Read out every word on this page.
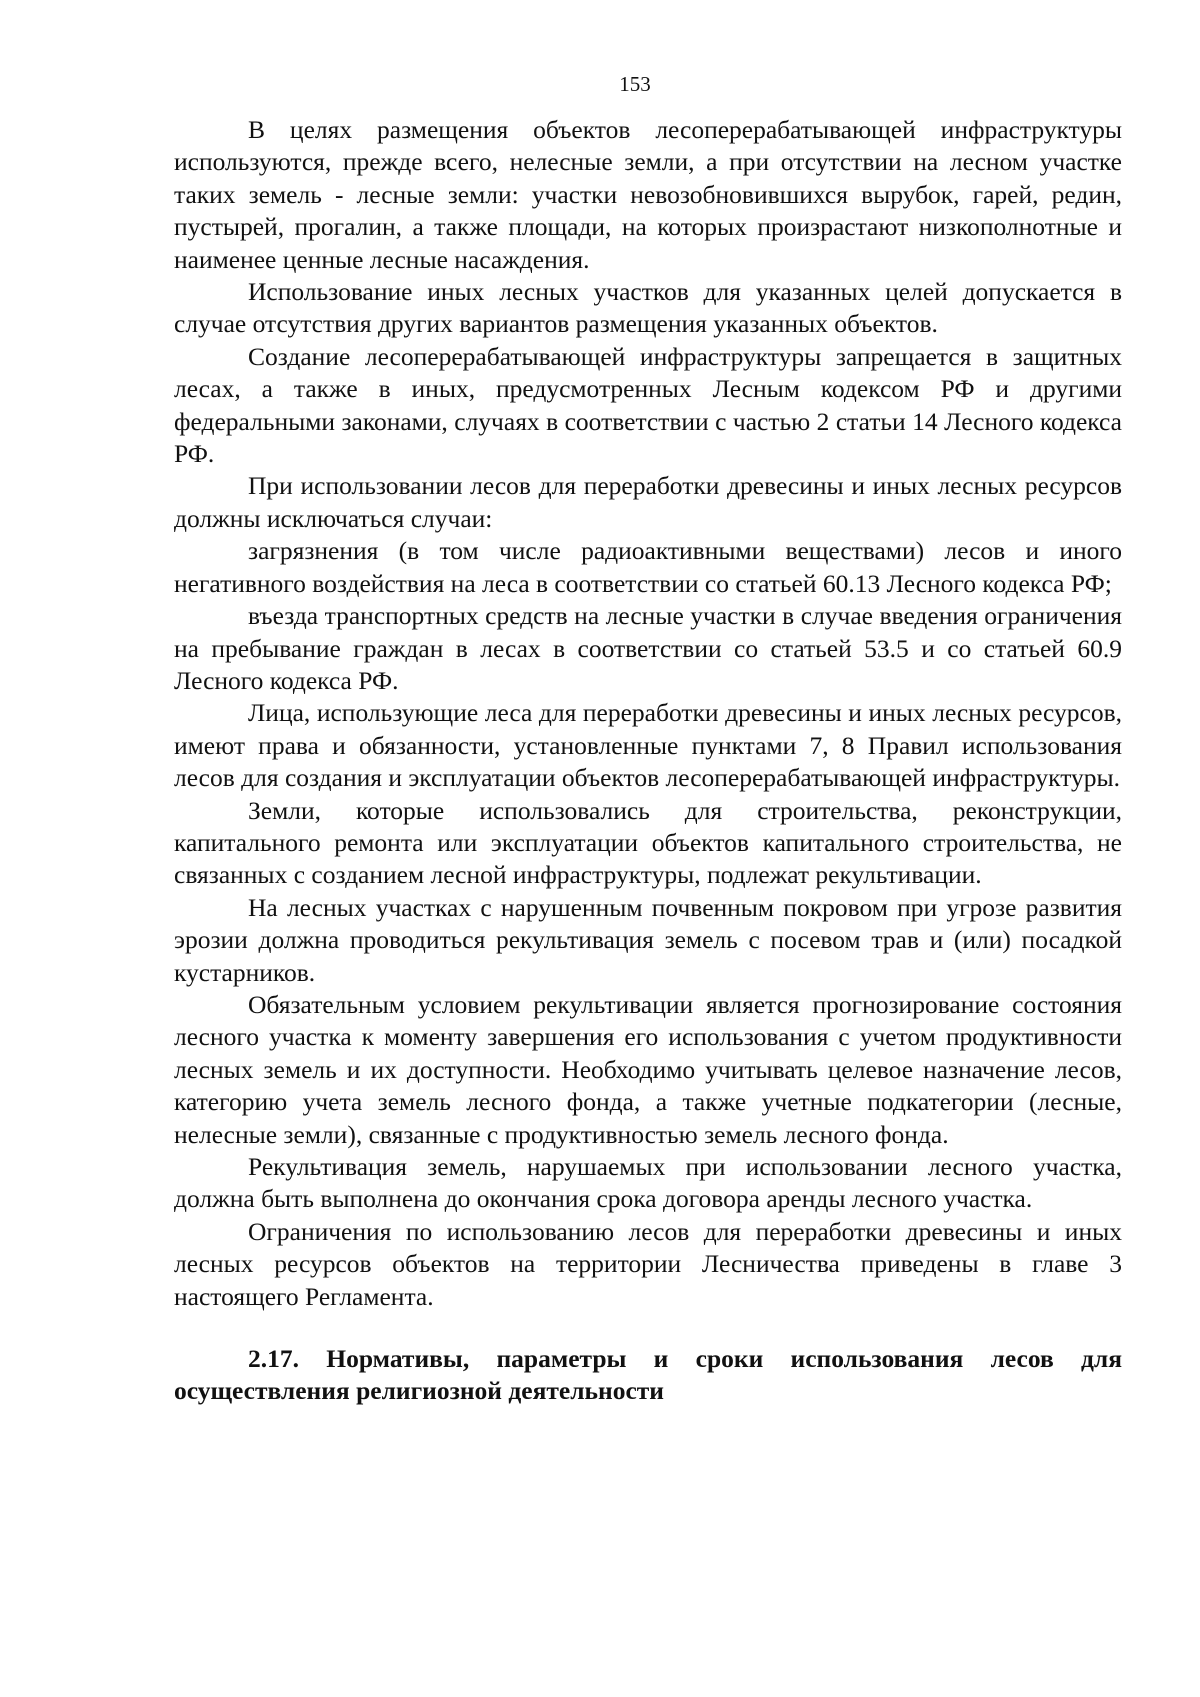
153

В целях размещения объектов лесоперерабатывающей инфраструктуры используются, прежде всего, нелесные земли, а при отсутствии на лесном участке таких земель - лесные земли: участки невозобновившихся вырубок, гарей, редин, пустырей, прогалин, а также площади, на которых произрастают низкополнотные и наименее ценные лесные насаждения.

Использование иных лесных участков для указанных целей допускается в случае отсутствия других вариантов размещения указанных объектов.

Создание лесоперерабатывающей инфраструктуры запрещается в защитных лесах, а также в иных, предусмотренных Лесным кодексом РФ и другими федеральными законами, случаях в соответствии с частью 2 статьи 14 Лесного кодекса РФ.

При использовании лесов для переработки древесины и иных лесных ресурсов должны исключаться случаи:

загрязнения (в том числе радиоактивными веществами) лесов и иного негативного воздействия на леса в соответствии со статьей 60.13 Лесного кодекса РФ;

въезда транспортных средств на лесные участки в случае введения ограничения на пребывание граждан в лесах в соответствии со статьей 53.5 и со статьей 60.9 Лесного кодекса РФ.

Лица, использующие леса для переработки древесины и иных лесных ресурсов, имеют права и обязанности, установленные пунктами 7, 8 Правил использования лесов для создания и эксплуатации объектов лесоперерабатывающей инфраструктуры.

Земли, которые использовались для строительства, реконструкции, капитального ремонта или эксплуатации объектов капитального строительства, не связанных с созданием лесной инфраструктуры, подлежат рекультивации.

На лесных участках с нарушенным почвенным покровом при угрозе развития эрозии должна проводиться рекультивация земель с посевом трав и (или) посадкой кустарников.

Обязательным условием рекультивации является прогнозирование состояния лесного участка к моменту завершения его использования с учетом продуктивности лесных земель и их доступности. Необходимо учитывать целевое назначение лесов, категорию учета земель лесного фонда, а также учетные подкатегории (лесные, нелесные земли), связанные с продуктивностью земель лесного фонда.

Рекультивация земель, нарушаемых при использовании лесного участка, должна быть выполнена до окончания срока договора аренды лесного участка.

Ограничения по использованию лесов для переработки древесины и иных лесных ресурсов объектов на территории Лесничества приведены в главе 3 настоящего Регламента.

2.17. Нормативы, параметры и сроки использования лесов для осуществления религиозной деятельности
